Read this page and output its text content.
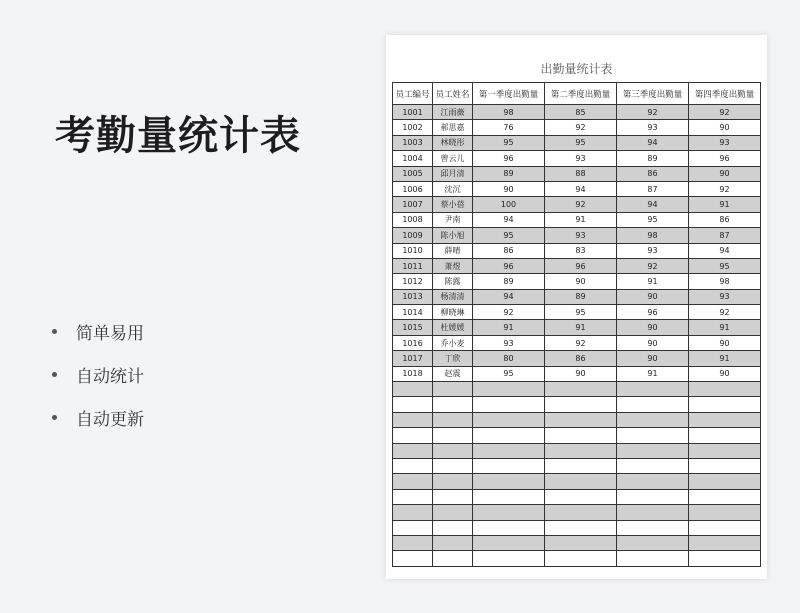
考勤量统计表
简单易用
自动统计
自动更新
出勤量统计表
员工编号	员工姓名	第一季度出勤量	第二季度出勤量	第三季度出勤量	第四季度出勤量
1001	江雨薇	98	85	92	92
1002	郝思嘉	76	92	93	90
1003	林晓彤	95	95	94	93
1004	曾云儿	96	93	89	96
1005	邱月清	89	88	86	90
1006	沈沉	90	94	87	92
1007	蔡小蓓	100	92	94	91
1008	尹南	94	91	95	86
1009	陈小旭	95	93	98	87
1010	薛晴	86	83	93	94
1011	萧煜	96	96	92	95
1012	陈露	89	90	91	98
1013	杨清清	94	89	90	93
1014	柳晓琳	92	95	96	92
1015	杜媛媛	91	91	90	91
1016	乔小麦	93	92	90	90
1017	丁欣	80	86	90	91
1018	赵震	95	90	91	90
